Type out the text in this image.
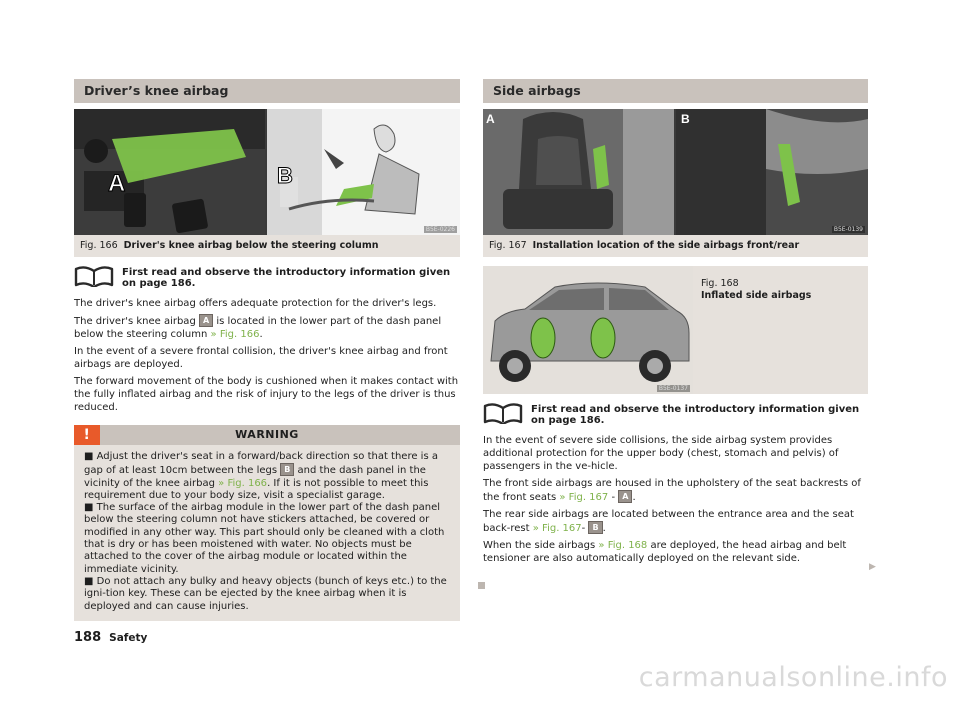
Driver’s knee airbag
A	B
B5E-0226
Fig. 166 Driver's knee airbag below the steering column
First read and observe the introductory information given on page 186.

The driver's knee airbag offers adequate protection for the driver's legs.

The driver's knee airbag A is located in the lower part of the dash panel below the steering column » Fig. 166.

In the event of a severe frontal collision, the driver's knee airbag and front airbags are deployed.

The forward movement of the body is cushioned when it makes contact with the fully inflated airbag and the risk of injury to the legs of the driver is thus reduced.

!	WARNING

■ Adjust the driver's seat in a forward/back direction so that there is a gap of at least 10cm between the legs B and the dash panel in the vicinity of the knee airbag » Fig. 166. If it is not possible to meet this requirement due to your body size, visit a specialist garage.

■ The surface of the airbag module in the lower part of the dash panel below the steering column not have stickers attached, be covered or modified in any other way. This part should only be cleaned with a cloth that is dry or has been moistened with water. No objects must be attached to the cover of the airbag module or located within the immediate vicinity.

■ Do not attach any bulky and heavy objects (bunch of keys etc.) to the igni-tion key. These can be ejected by the knee airbag when it is deployed and can cause injuries.

Side airbags
A	B
B5E-0139
Fig. 167 Installation location of the side airbags front/rear
B5E-0137
Fig. 168
Inflated side airbags
First read and observe the introductory information given on page 186.

In the event of severe side collisions, the side airbag system provides additional protection for the upper body (chest, stomach and pelvis) of passengers in the ve-hicle.

The front side airbags are housed in the upholstery of the seat backrests of the front seats » Fig. 167 - A .

The rear side airbags are located between the entrance area and the seat back-rest » Fig. 167- B .

When the side airbags » Fig. 168 are deployed, the head airbag and belt tensioner are also automatically deployed on the relevant side.

▶
188 Safety
carmanualsonline.info
